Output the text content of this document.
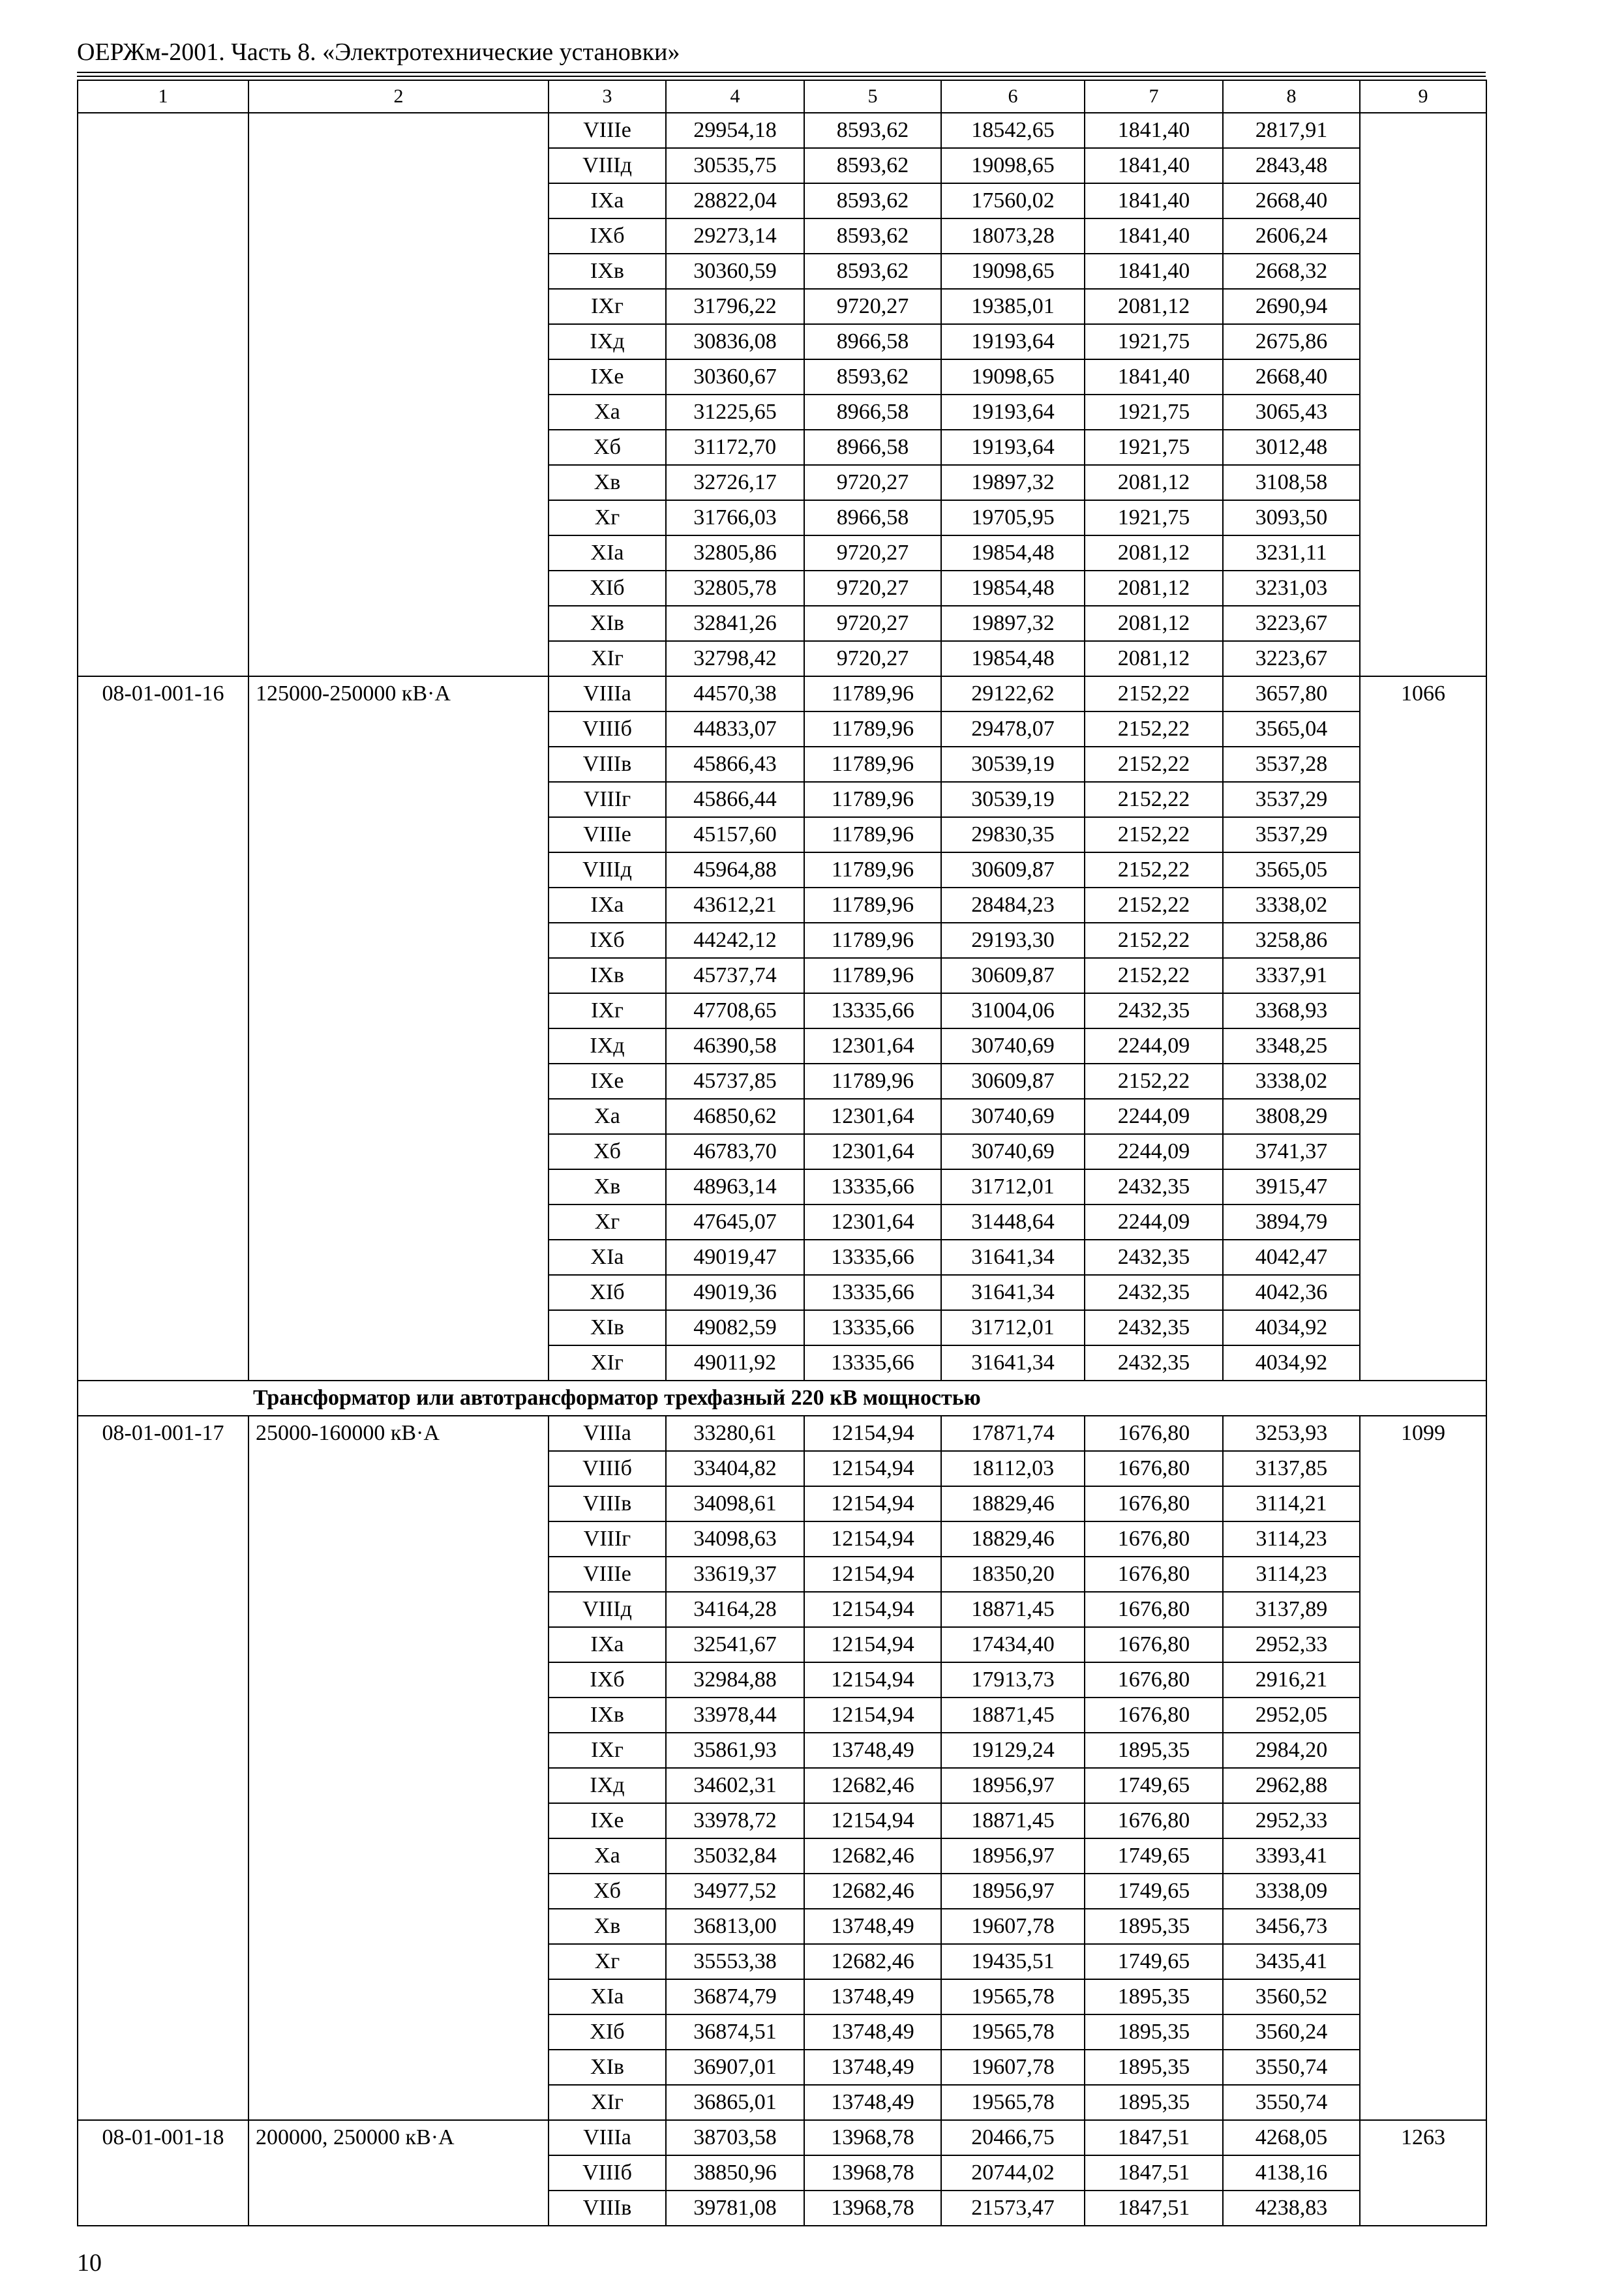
ОЕРЖм-2001. Часть 8. «Электротехнические установки»
1	2	3	4	5	6	7	8	9
		VIIIе	29954,18	8593,62	18542,65	1841,40	2817,91	
		VIIIд	30535,75	8593,62	19098,65	1841,40	2843,48	
		IXа	28822,04	8593,62	17560,02	1841,40	2668,40	
		IXб	29273,14	8593,62	18073,28	1841,40	2606,24	
		IXв	30360,59	8593,62	19098,65	1841,40	2668,32	
		IXг	31796,22	9720,27	19385,01	2081,12	2690,94	
		IXд	30836,08	8966,58	19193,64	1921,75	2675,86	
		IXе	30360,67	8593,62	19098,65	1841,40	2668,40	
		Xа	31225,65	8966,58	19193,64	1921,75	3065,43	
		Xб	31172,70	8966,58	19193,64	1921,75	3012,48	
		Xв	32726,17	9720,27	19897,32	2081,12	3108,58	
		Xг	31766,03	8966,58	19705,95	1921,75	3093,50	
		XIа	32805,86	9720,27	19854,48	2081,12	3231,11	
		XIб	32805,78	9720,27	19854,48	2081,12	3231,03	
		XIв	32841,26	9720,27	19897,32	2081,12	3223,67	
		XIг	32798,42	9720,27	19854,48	2081,12	3223,67	
08-01-001-16	125000-250000 кВ·А	VIIIа	44570,38	11789,96	29122,62	2152,22	3657,80	1066
		VIIIб	44833,07	11789,96	29478,07	2152,22	3565,04	
		VIIIв	45866,43	11789,96	30539,19	2152,22	3537,28	
		VIIIг	45866,44	11789,96	30539,19	2152,22	3537,29	
		VIIIе	45157,60	11789,96	29830,35	2152,22	3537,29	
		VIIIд	45964,88	11789,96	30609,87	2152,22	3565,05	
		IXа	43612,21	11789,96	28484,23	2152,22	3338,02	
		IXб	44242,12	11789,96	29193,30	2152,22	3258,86	
		IXв	45737,74	11789,96	30609,87	2152,22	3337,91	
		IXг	47708,65	13335,66	31004,06	2432,35	3368,93	
		IXд	46390,58	12301,64	30740,69	2244,09	3348,25	
		IXе	45737,85	11789,96	30609,87	2152,22	3338,02	
		Xа	46850,62	12301,64	30740,69	2244,09	3808,29	
		Xб	46783,70	12301,64	30740,69	2244,09	3741,37	
		Xв	48963,14	13335,66	31712,01	2432,35	3915,47	
		Xг	47645,07	12301,64	31448,64	2244,09	3894,79	
		XIа	49019,47	13335,66	31641,34	2432,35	4042,47	
		XIб	49019,36	13335,66	31641,34	2432,35	4042,36	
		XIв	49082,59	13335,66	31712,01	2432,35	4034,92	
		XIг	49011,92	13335,66	31641,34	2432,35	4034,92	
Трансформатор или автотрансформатор трехфазный 220 кВ мощностью								
08-01-001-17	25000-160000 кВ·А	VIIIа	33280,61	12154,94	17871,74	1676,80	3253,93	1099
		VIIIб	33404,82	12154,94	18112,03	1676,80	3137,85	
		VIIIв	34098,61	12154,94	18829,46	1676,80	3114,21	
		VIIIг	34098,63	12154,94	18829,46	1676,80	3114,23	
		VIIIе	33619,37	12154,94	18350,20	1676,80	3114,23	
		VIIIд	34164,28	12154,94	18871,45	1676,80	3137,89	
		IXа	32541,67	12154,94	17434,40	1676,80	2952,33	
		IXб	32984,88	12154,94	17913,73	1676,80	2916,21	
		IXв	33978,44	12154,94	18871,45	1676,80	2952,05	
		IXг	35861,93	13748,49	19129,24	1895,35	2984,20	
		IXд	34602,31	12682,46	18956,97	1749,65	2962,88	
		IXе	33978,72	12154,94	18871,45	1676,80	2952,33	
		Xа	35032,84	12682,46	18956,97	1749,65	3393,41	
		Xб	34977,52	12682,46	18956,97	1749,65	3338,09	
		Xв	36813,00	13748,49	19607,78	1895,35	3456,73	
		Xг	35553,38	12682,46	19435,51	1749,65	3435,41	
		XIа	36874,79	13748,49	19565,78	1895,35	3560,52	
		XIб	36874,51	13748,49	19565,78	1895,35	3560,24	
		XIв	36907,01	13748,49	19607,78	1895,35	3550,74	
		XIг	36865,01	13748,49	19565,78	1895,35	3550,74	
08-01-001-18	200000, 250000 кВ·А	VIIIа	38703,58	13968,78	20466,75	1847,51	4268,05	1263
		VIIIб	38850,96	13968,78	20744,02	1847,51	4138,16	
		VIIIв	39781,08	13968,78	21573,47	1847,51	4238,83	
10
